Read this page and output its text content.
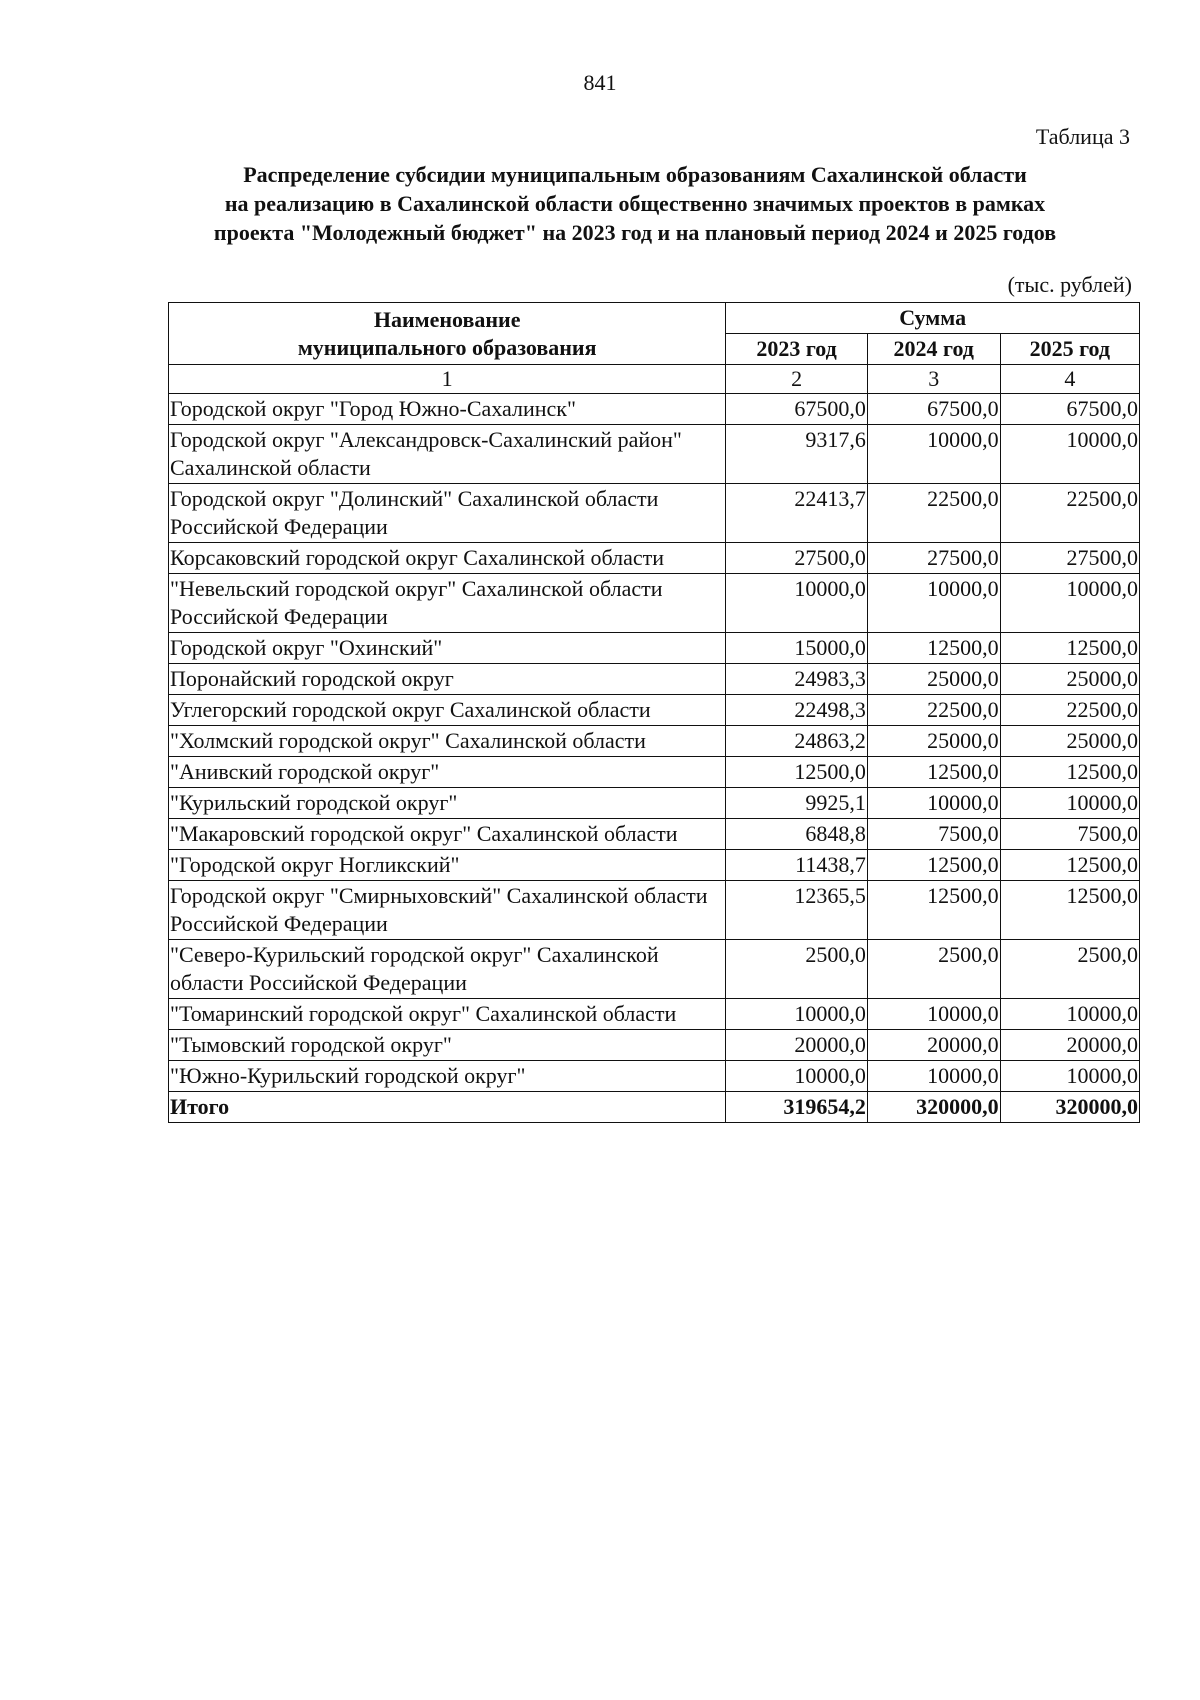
841
Таблица 3
Распределение субсидии муниципальным образованиям Сахалинской области
на реализацию в Сахалинской области общественно значимых проектов в рамках
проекта "Молодежный бюджет" на 2023 год и на плановый период 2024 и 2025 годов
(тыс. рублей)
Наименование
муниципального образования	Сумма		
	2023 год	2024 год	2025 год
1	2	3	4
Городской округ "Город Южно-Сахалинск"	67500,0	67500,0	67500,0
Городской округ "Александровск-Сахалинский район" Сахалинской области	9317,6	10000,0	10000,0
Городской округ "Долинский" Сахалинской области Российской Федерации	22413,7	22500,0	22500,0
Корсаковский городской округ Сахалинской области	27500,0	27500,0	27500,0
"Невельский городской округ" Сахалинской области Российской Федерации	10000,0	10000,0	10000,0
Городской округ "Охинский"	15000,0	12500,0	12500,0
Поронайский городской округ	24983,3	25000,0	25000,0
Углегорский городской округ Сахалинской области	22498,3	22500,0	22500,0
"Холмский городской округ" Сахалинской области	24863,2	25000,0	25000,0
"Анивский городской округ"	12500,0	12500,0	12500,0
"Курильский городской округ"	9925,1	10000,0	10000,0
"Макаровский городской округ" Сахалинской области	6848,8	7500,0	7500,0
"Городской округ Ногликский"	11438,7	12500,0	12500,0
Городской округ "Смирныховский" Сахалинской области Российской Федерации	12365,5	12500,0	12500,0
"Северо-Курильский городской округ" Сахалинской области Российской Федерации	2500,0	2500,0	2500,0
"Томаринский городской округ" Сахалинской области	10000,0	10000,0	10000,0
"Тымовский городской округ"	20000,0	20000,0	20000,0
"Южно-Курильский городской округ"	10000,0	10000,0	10000,0
Итого	319654,2	320000,0	320000,0
